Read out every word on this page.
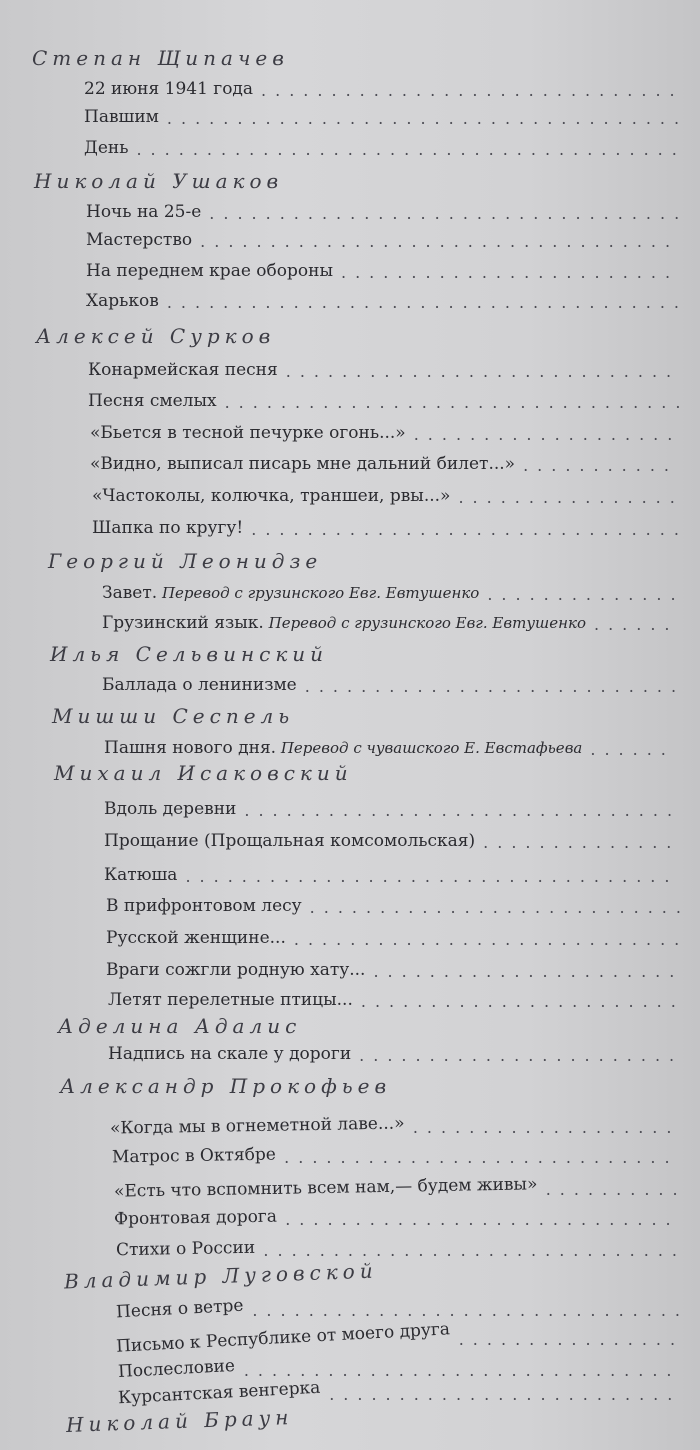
Степан Щипачев
22 июня 1941 года ..............................
Павшим .....................................
День .......................................
Николай Ушаков
Ночь на 25-е ..................................
Мастерство ..................................
На переднем крае обороны ........................
Харьков .....................................
Алексей Сурков
Конармейская песня ............................
Песня смелых .................................
«Бьется в тесной печурке огонь...» ...................
«Видно, выписал писарь мне дальний билет...» ...........
«Частоколы, колючка, траншеи, рвы...» ................
Шапка по кругу! ...............................
Георгий Леонидзе
Завет. Перевод с грузинского Евг. Евтушенко ..............
Грузинский язык. Перевод с грузинского Евг. Евтушенко ......
Илья Сельвинский
Баллада о ленинизме ...........................
Мишши Сеспель
Пашня нового дня. Перевод с чувашского Е. Евстафьева ......
Михаил Исаковский
Вдоль деревни ...............................
Прощание (Прощальная комсомольская) ..............
Катюша ...................................
В прифронтовом лесу ...........................
Русской женщине... ............................
Враги сожгли родную хату... ......................
Летят перелетные птицы... .......................
Аделина Адалис
Надпись на скале у дороги .......................
Александр Прокофьев
«Когда мы в огнеметной лаве...» ...................
Матрос в Октябре ............................
«Есть что вспомнить всем нам,— будем живы» ..........
Фронтовая дорога ............................
Стихи о России ..............................
Владимир Луговской
Песня о ветре ...............................
Письмо к Республике от моего друга ................
Послесловие ...............................
Курсантская венгерка .........................
Николай Браун
